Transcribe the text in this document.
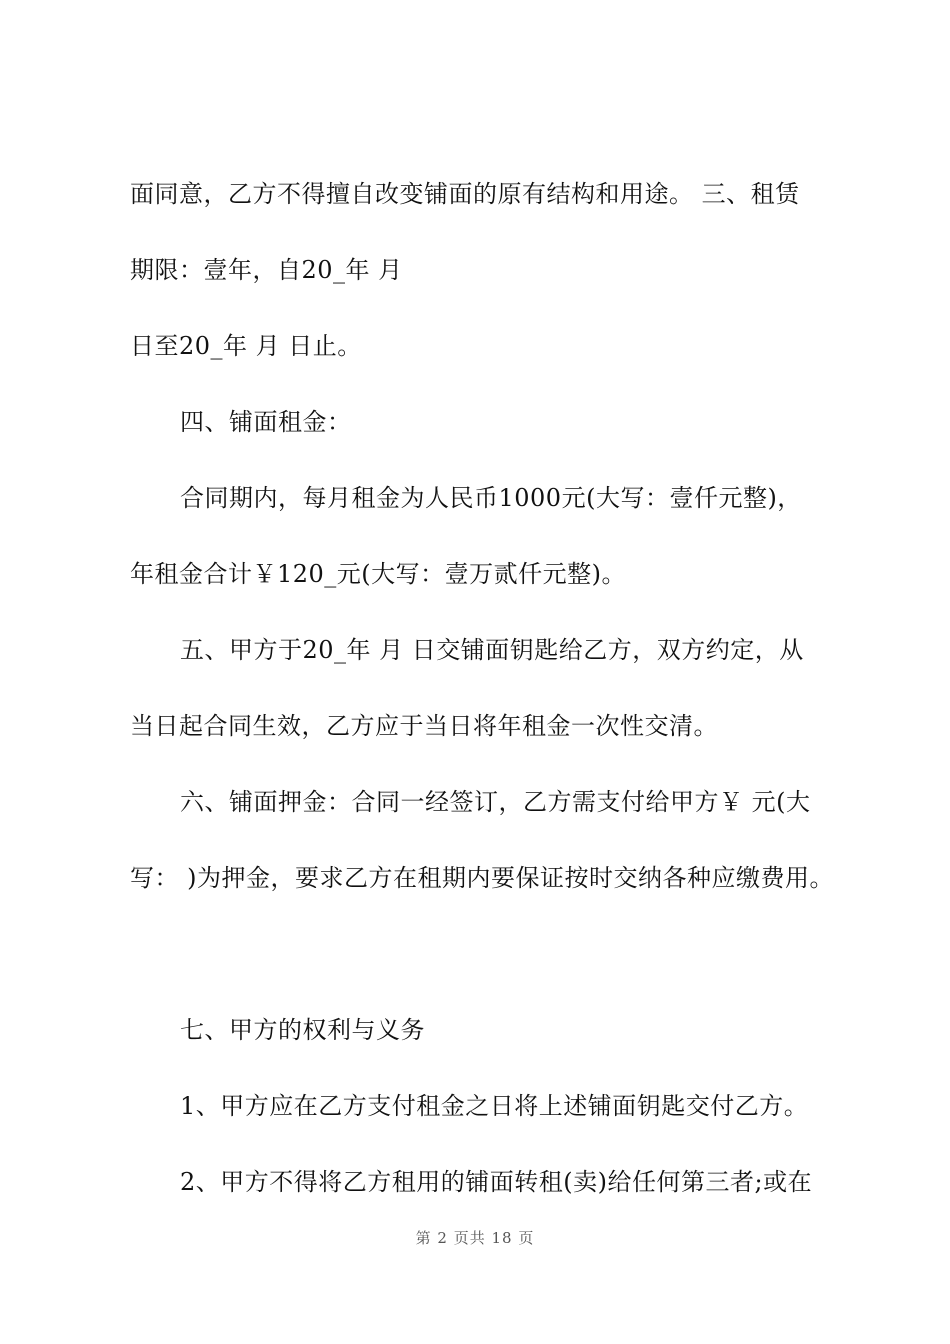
面同意，乙方不得擅自改变铺面的原有结构和用途。 三、租赁

期限：壹年，自20_年 月

日至20_年 月 日止。

四、铺面租金：

合同期内，每月租金为人民币1000元(大写：壹仟元整)，

年租金合计￥120_元(大写：壹万贰仟元整)。

五、甲方于20_年 月 日交铺面钥匙给乙方，双方约定，从

当日起合同生效，乙方应于当日将年租金一次性交清。

六、铺面押金：合同一经签订，乙方需支付给甲方￥ 元(大

写： )为押金，要求乙方在租期内要保证按时交纳各种应缴费用。

七、甲方的权利与义务

1、甲方应在乙方支付租金之日将上述铺面钥匙交付乙方。

2、甲方不得将乙方租用的铺面转租(卖)给任何第三者;或在

第 2 页共 18 页
